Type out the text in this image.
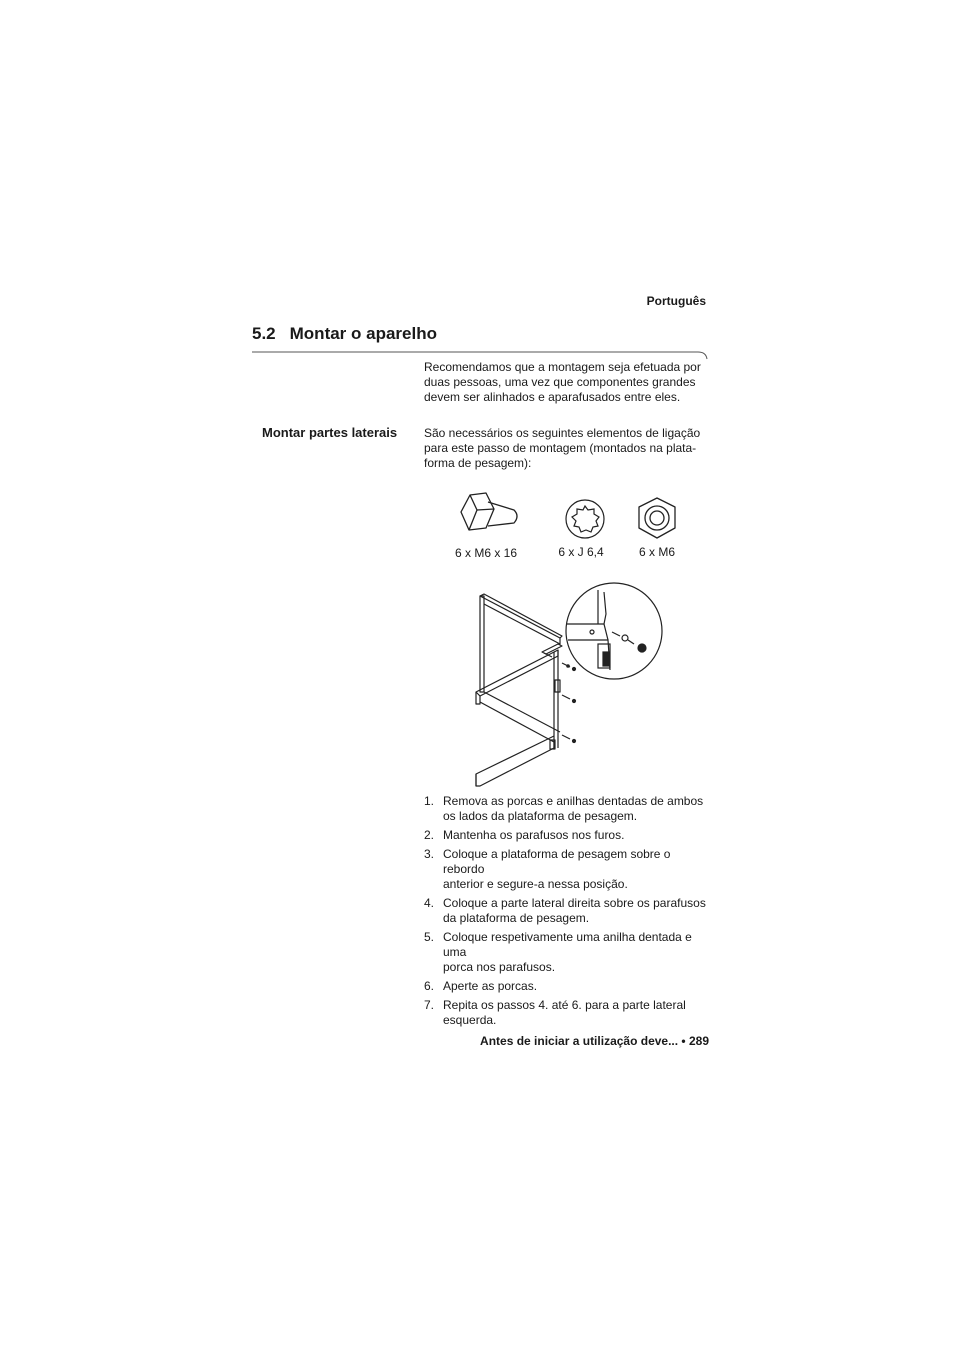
Português
5.2 Montar o aparelho
Recomendamos que a montagem seja efetuada por
duas pessoas, uma vez que componentes grandes
devem ser alinhados e aparafusados entre eles.
Montar partes laterais São necessários os seguintes elementos de ligação
para este passo de montagem (montados na plata-
forma de pesagem):
6 x M6 x 16	6 x J 6,4	6 x M6
1. Remova as porcas e anilhas dentadas de ambos
os lados da plataforma de pesagem.
2. Mantenha os parafusos nos furos.
3. Coloque a plataforma de pesagem sobre o rebordo
anterior e segure-a nessa posição.
4. Coloque a parte lateral direita sobre os parafusos
da plataforma de pesagem.
5. Coloque respetivamente uma anilha dentada e uma
porca nos parafusos.
6. Aperte as porcas.
7. Repita os passos 4. até 6. para a parte lateral
esquerda.
Antes de iniciar a utilização deve... • 289
